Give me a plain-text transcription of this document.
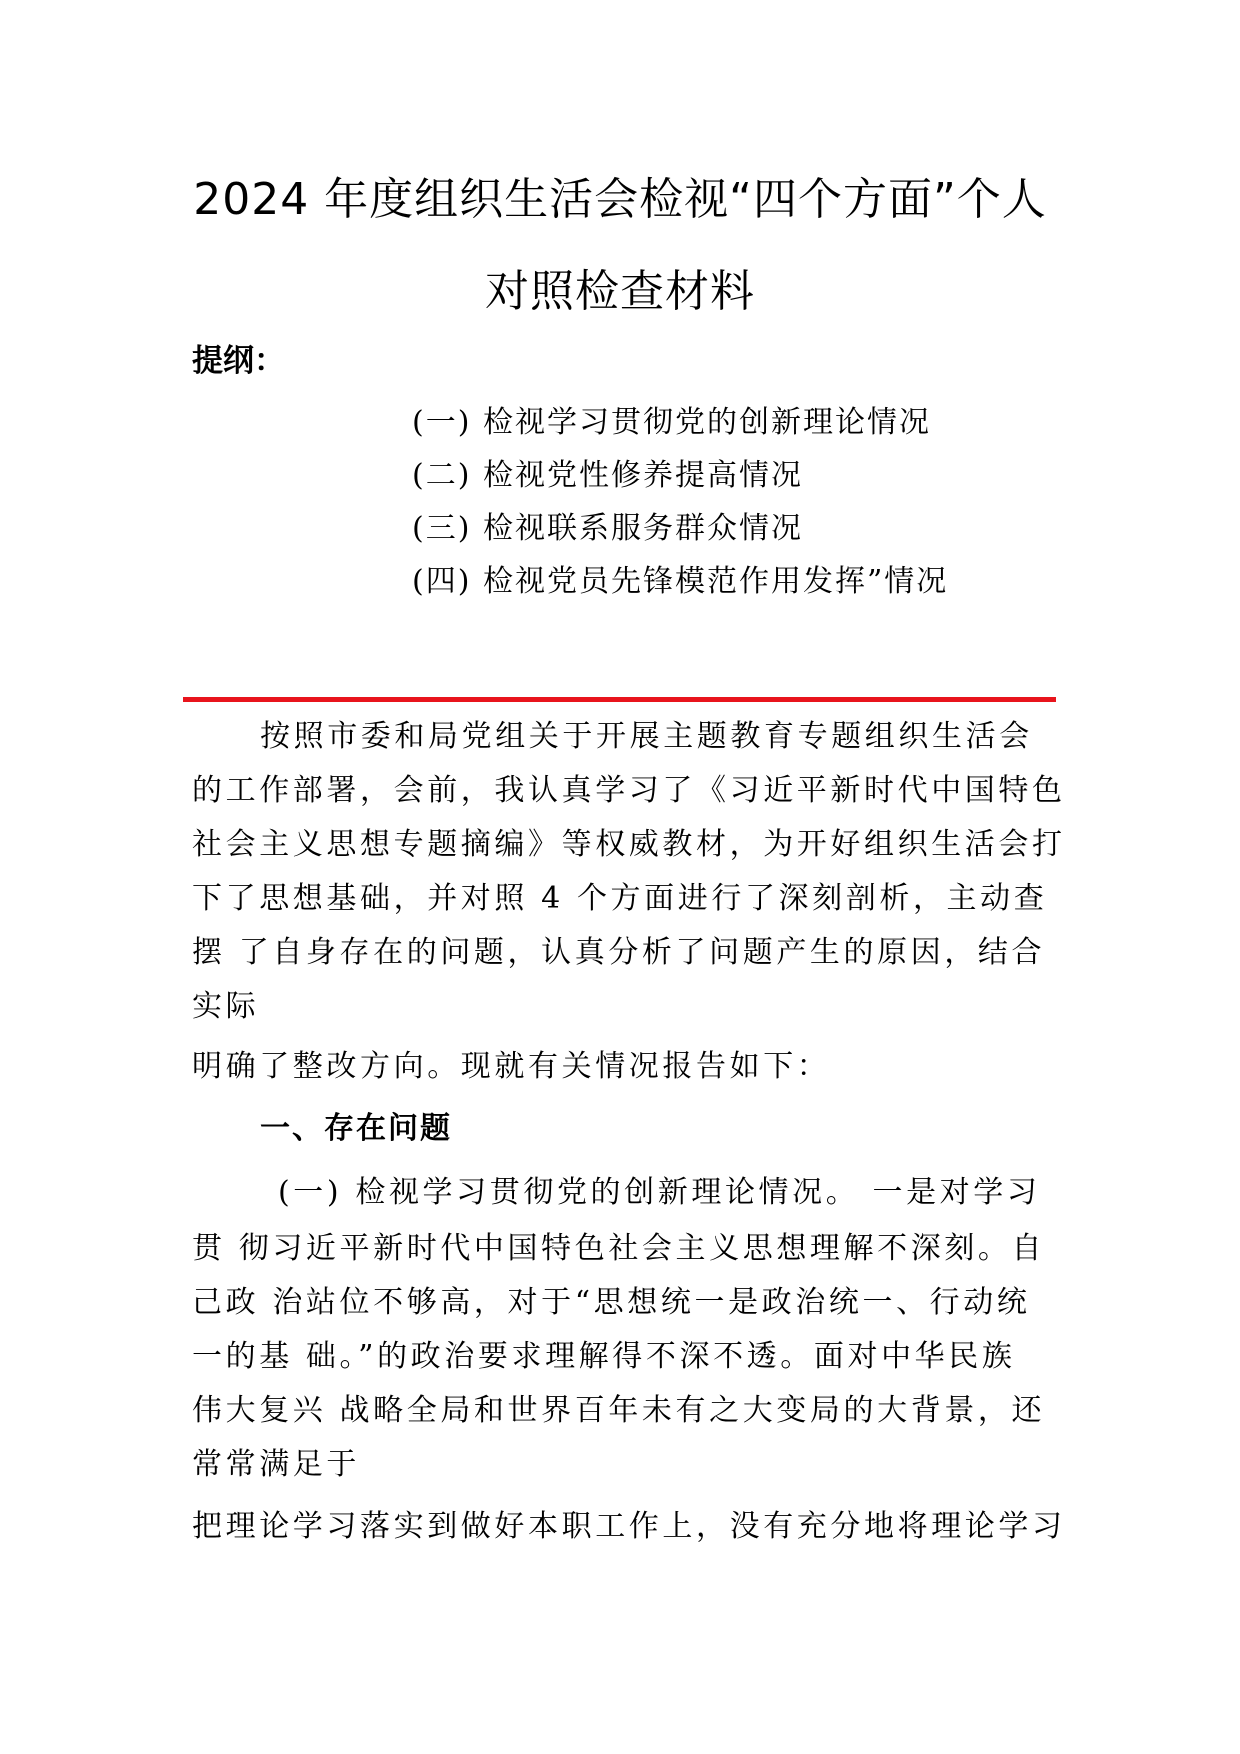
2024 年度组织生活会检视“四个方面”个人
对照检查材料
提纲：
(一) 检视学习贯彻党的创新理论情况
(二) 检视党性修养提高情况
(三) 检视联系服务群众情况
(四) 检视党员先锋模范作用发挥”情况
按照市委和局党组关于开展主题教育专题组织生活会
的工作部署，会前，我认真学习了《习近平新时代中国特色
社会主义思想专题摘编》等权威教材，为开好组织生活会打
下了思想基础，并对照 4 个方面进行了深刻剖析，主动查
摆 了自身存在的问题，认真分析了问题产生的原因，结合
实际
明确了整改方向。现就有关情况报告如下：
一、存在问题
(一) 检视学习贯彻党的创新理论情况。 一是对学习
贯 彻习近平新时代中国特色社会主义思想理解不深刻。自
己政 治站位不够高，对于“思想统一是政治统一、行动统
一的基 础。”的政治要求理解得不深不透。面对中华民族
伟大复兴 战略全局和世界百年未有之大变局的大背景，还
常常满足于
把理论学习落实到做好本职工作上，没有充分地将理论学习
